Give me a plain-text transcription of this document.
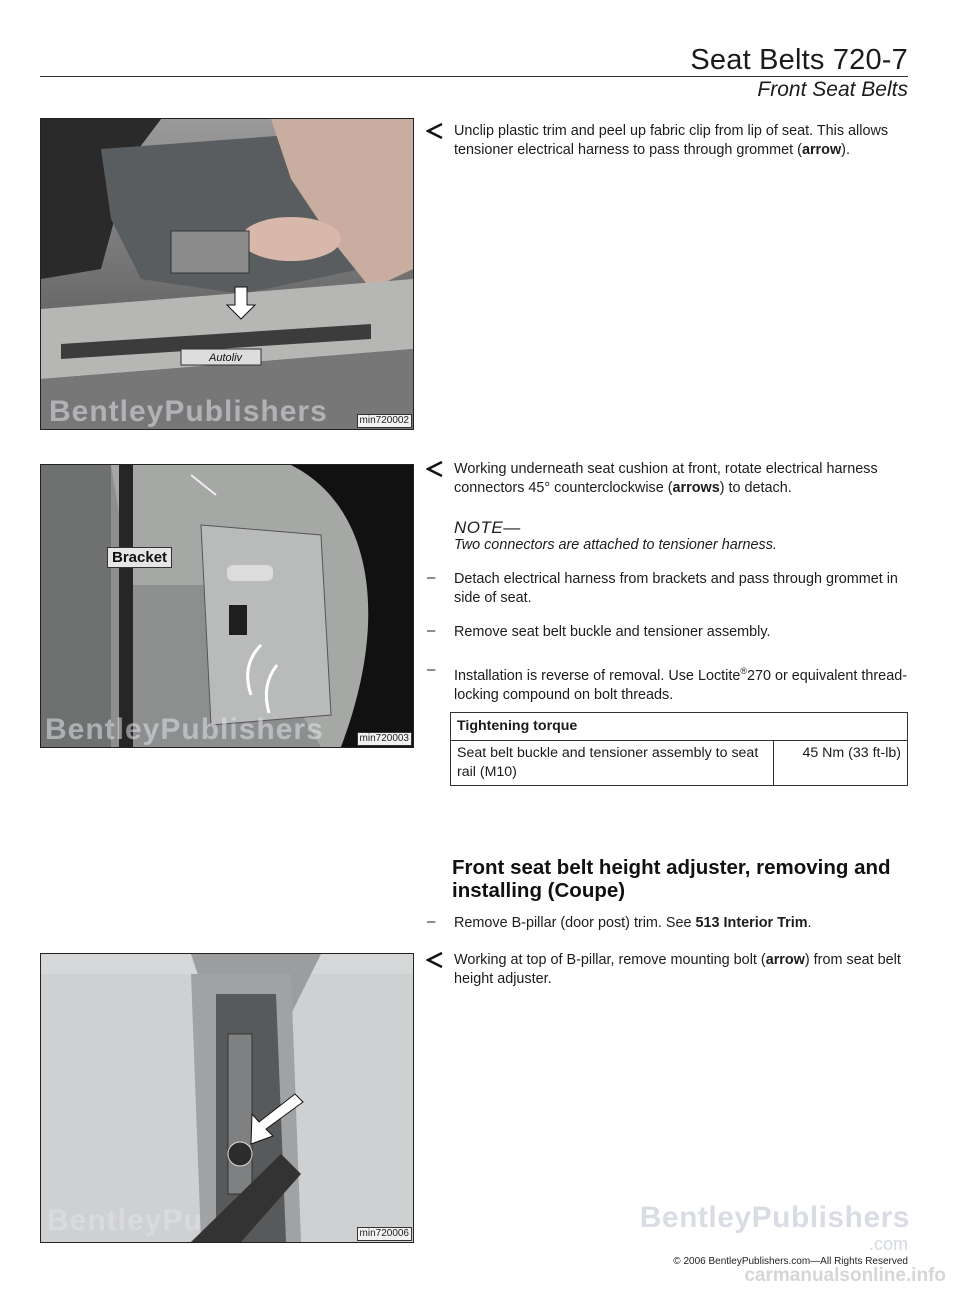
Seat Belts 720-7
Front Seat Belts
Autoliv
BentleyPublishers	min720002
Bracket
BentleyPublishers	min720003
BentleyPu	min720006
Unclip plastic trim and peel up fabric clip from lip of seat. This allows tensioner electrical harness to pass through grommet (arrow).
Working underneath seat cushion at front, rotate electrical harness connectors 45° counterclockwise (arrows) to detach.
NOTE—
Two connectors are attached to tensioner harness.
– Detach electrical harness from brackets and pass through grommet in side of seat.
– Remove seat belt buckle and tensioner assembly.
– Installation is reverse of removal. Use Loctite®270 or equivalent thread-locking compound on bolt threads.
Tightening torque
Seat belt buckle and tensioner assembly to seat rail (M10)	45 Nm (33 ft-lb)
Front seat belt height adjuster, removing and installing (Coupe)
– Remove B-pillar (door post) trim. See 513 Interior Trim.
Working at top of B-pillar, remove mounting bolt (arrow) from seat belt height adjuster.
BentleyPublishers
.com
© 2006 BentleyPublishers.com—All Rights Reserved
carmanualsonline.info
